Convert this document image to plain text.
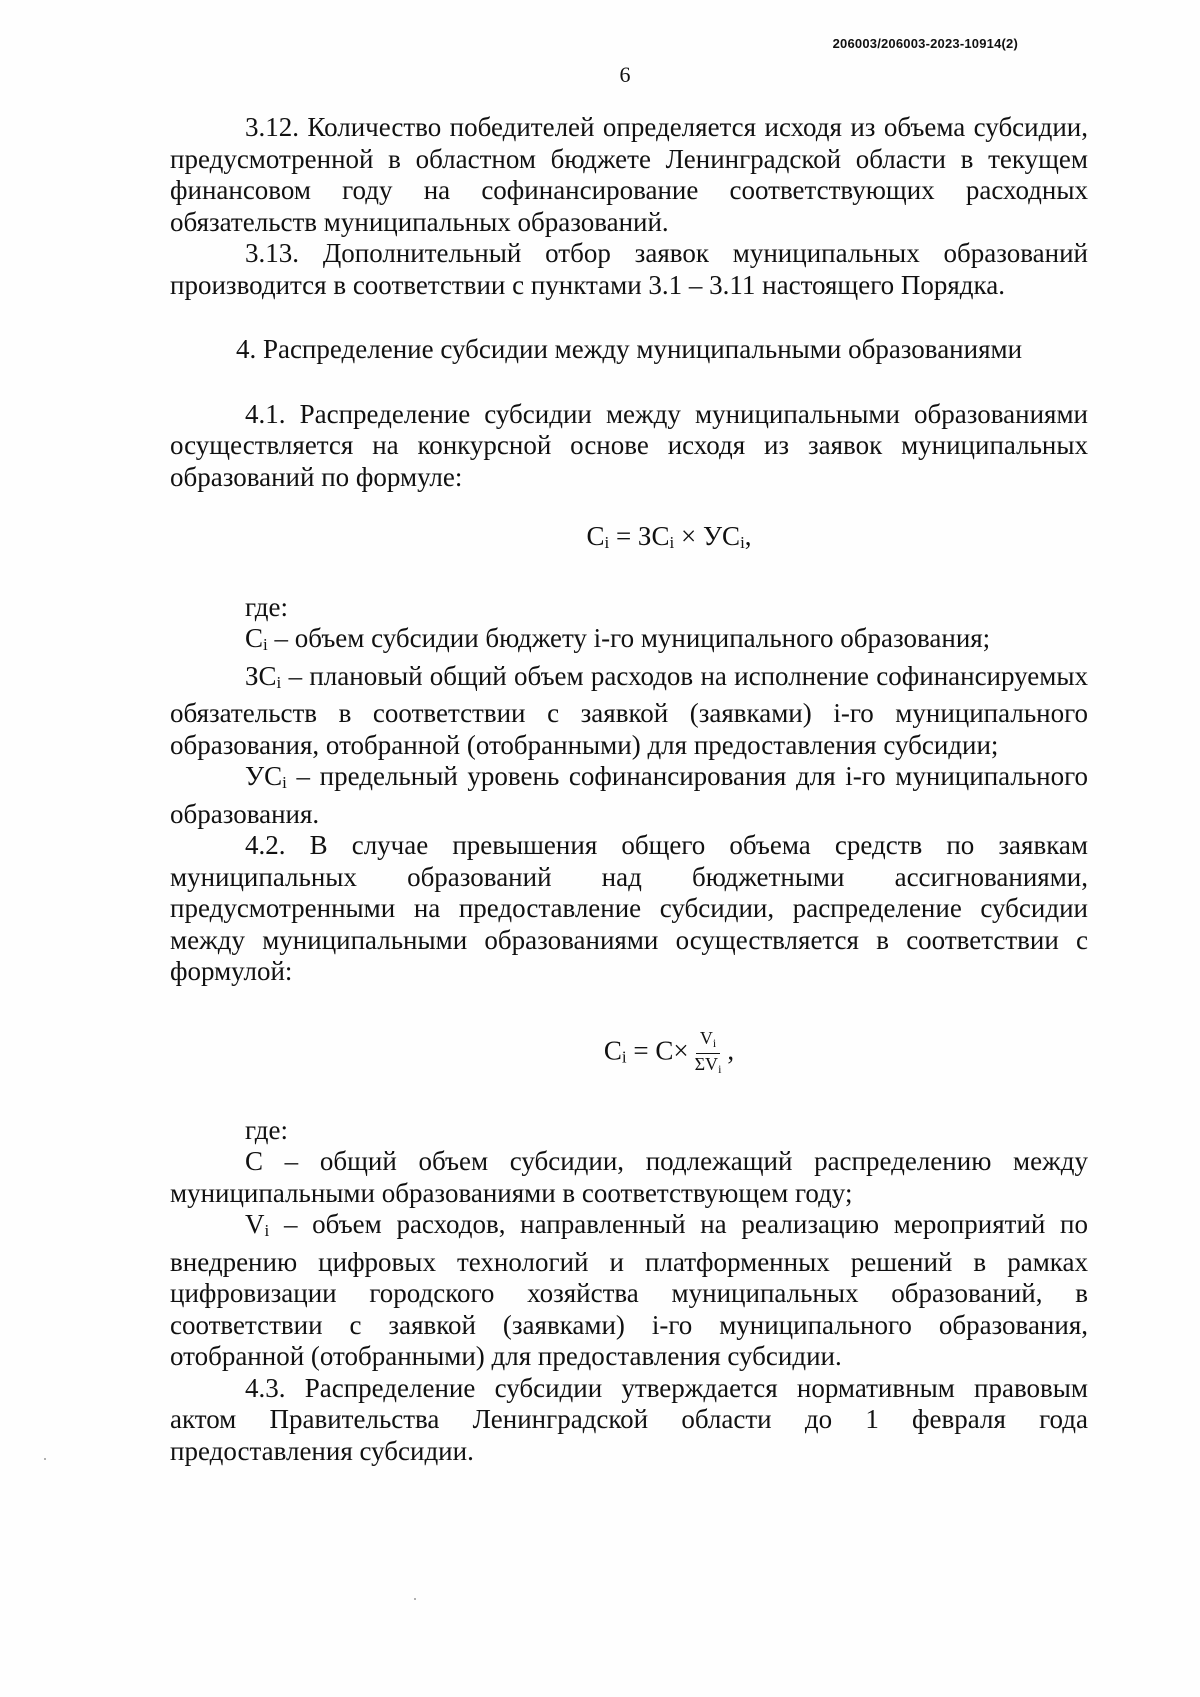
206003/206003-2023-10914(2)
6

3.12. Количество победителей определяется исходя из объема субсидии, предусмотренной в областном бюджете Ленинградской области в текущем финансовом году на софинансирование соответствующих расходных обязательств муниципальных образований.

3.13. Дополнительный отбор заявок муниципальных образований производится в соответствии с пунктами 3.1 – 3.11 настоящего Порядка.

4. Распределение субсидии между муниципальными образованиями

4.1. Распределение субсидии между муниципальными образованиями осуществляется на конкурсной основе исходя из заявок муниципальных образований по формуле:

$С_i = ЗС_i \times УС_i$,

где:

$С_i$ – объем субсидии бюджету i-го муниципального образования;

$ЗС_i$ – плановый общий объем расходов на исполнение софинансируемых обязательств в соответствии с заявкой (заявками) i-го муниципального образования, отобранной (отобранными) для предоставления субсидии;

$УС_i$ – предельный уровень софинансирования для i-го муниципального образования.

4.2. В случае превышения общего объема средств по заявкам муниципальных образований над бюджетными ассигнованиями, предусмотренными на предоставление субсидии, распределение субсидии между муниципальными образованиями осуществляется в соответствии с формулой:

$С_i = С\times \frac{V_i}{\Sigma V_i}$ ,

где:

С – общий объем субсидии, подлежащий распределению между муниципальными образованиями в соответствующем году;

$V_i$ – объем расходов, направленный на реализацию мероприятий по внедрению цифровых технологий и платформенных решений в рамках цифровизации городского хозяйства муниципальных образований, в соответствии с заявкой (заявками) i-го муниципального образования, отобранной (отобранными) для предоставления субсидии.

4.3. Распределение субсидии утверждается нормативным правовым актом Правительства Ленинградской области до 1 февраля года предоставления субсидии.
